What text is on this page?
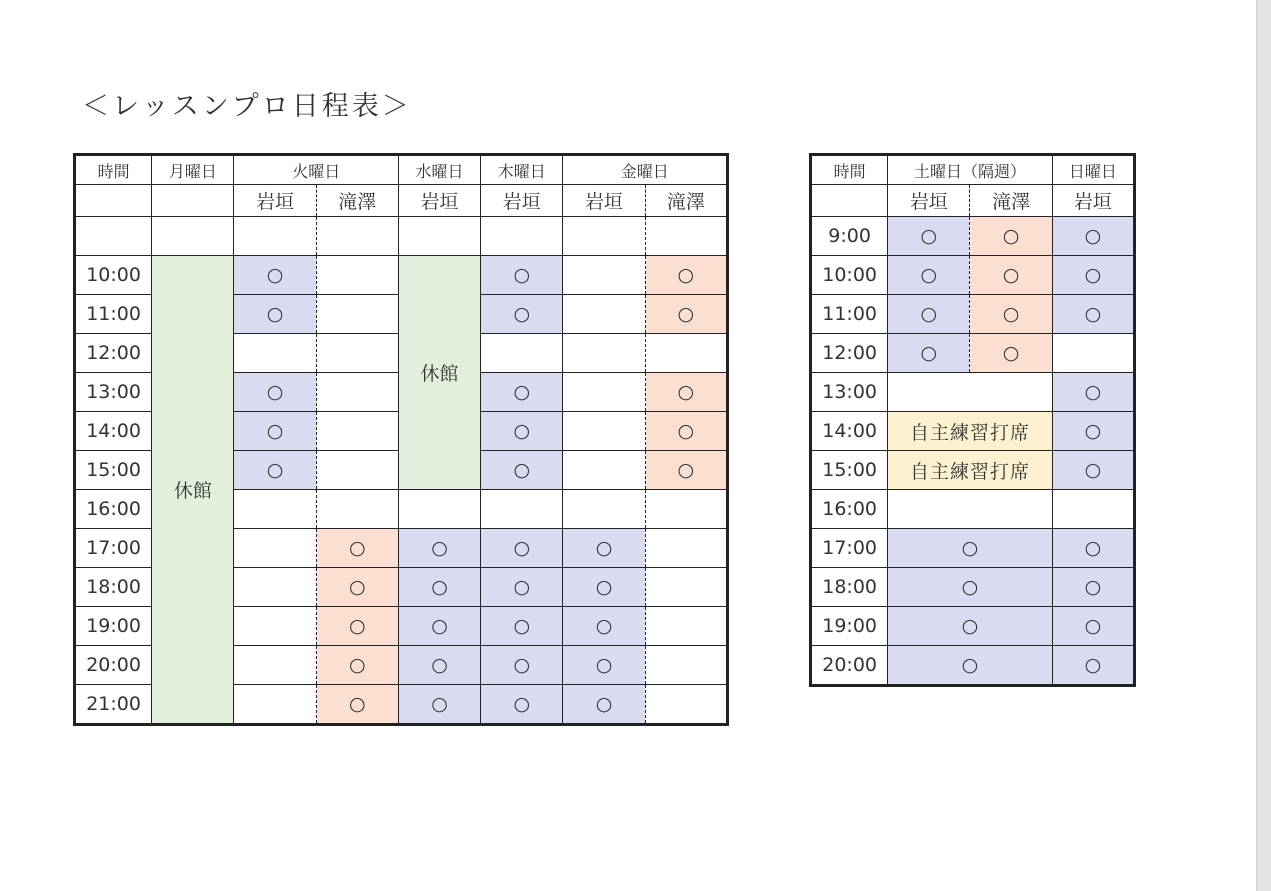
＜レッスンプロ日程表＞
時間	月曜日	火曜日		水曜日	木曜日	金曜日	
		岩垣	滝澤	岩垣	岩垣	岩垣	滝澤

10:00	休館	○		休館	○		○
11:00		○			○		○
12:00							
13:00		○			○		○
14:00		○			○		○
15:00		○			○		○
16:00							
17:00			○	○	○	○	
18:00			○	○	○	○	
19:00			○	○	○	○	
20:00			○	○	○	○	
21:00			○	○	○	○	
時間	土曜日（隔週）		日曜日
	岩垣	滝澤	岩垣
9:00	○	○	○
10:00	○	○	○
11:00	○	○	○
12:00	○	○	
13:00			○
14:00	自主練習打席		○
15:00	自主練習打席		○
16:00			
17:00	○		○
18:00	○		○
19:00	○		○
20:00	○		○
